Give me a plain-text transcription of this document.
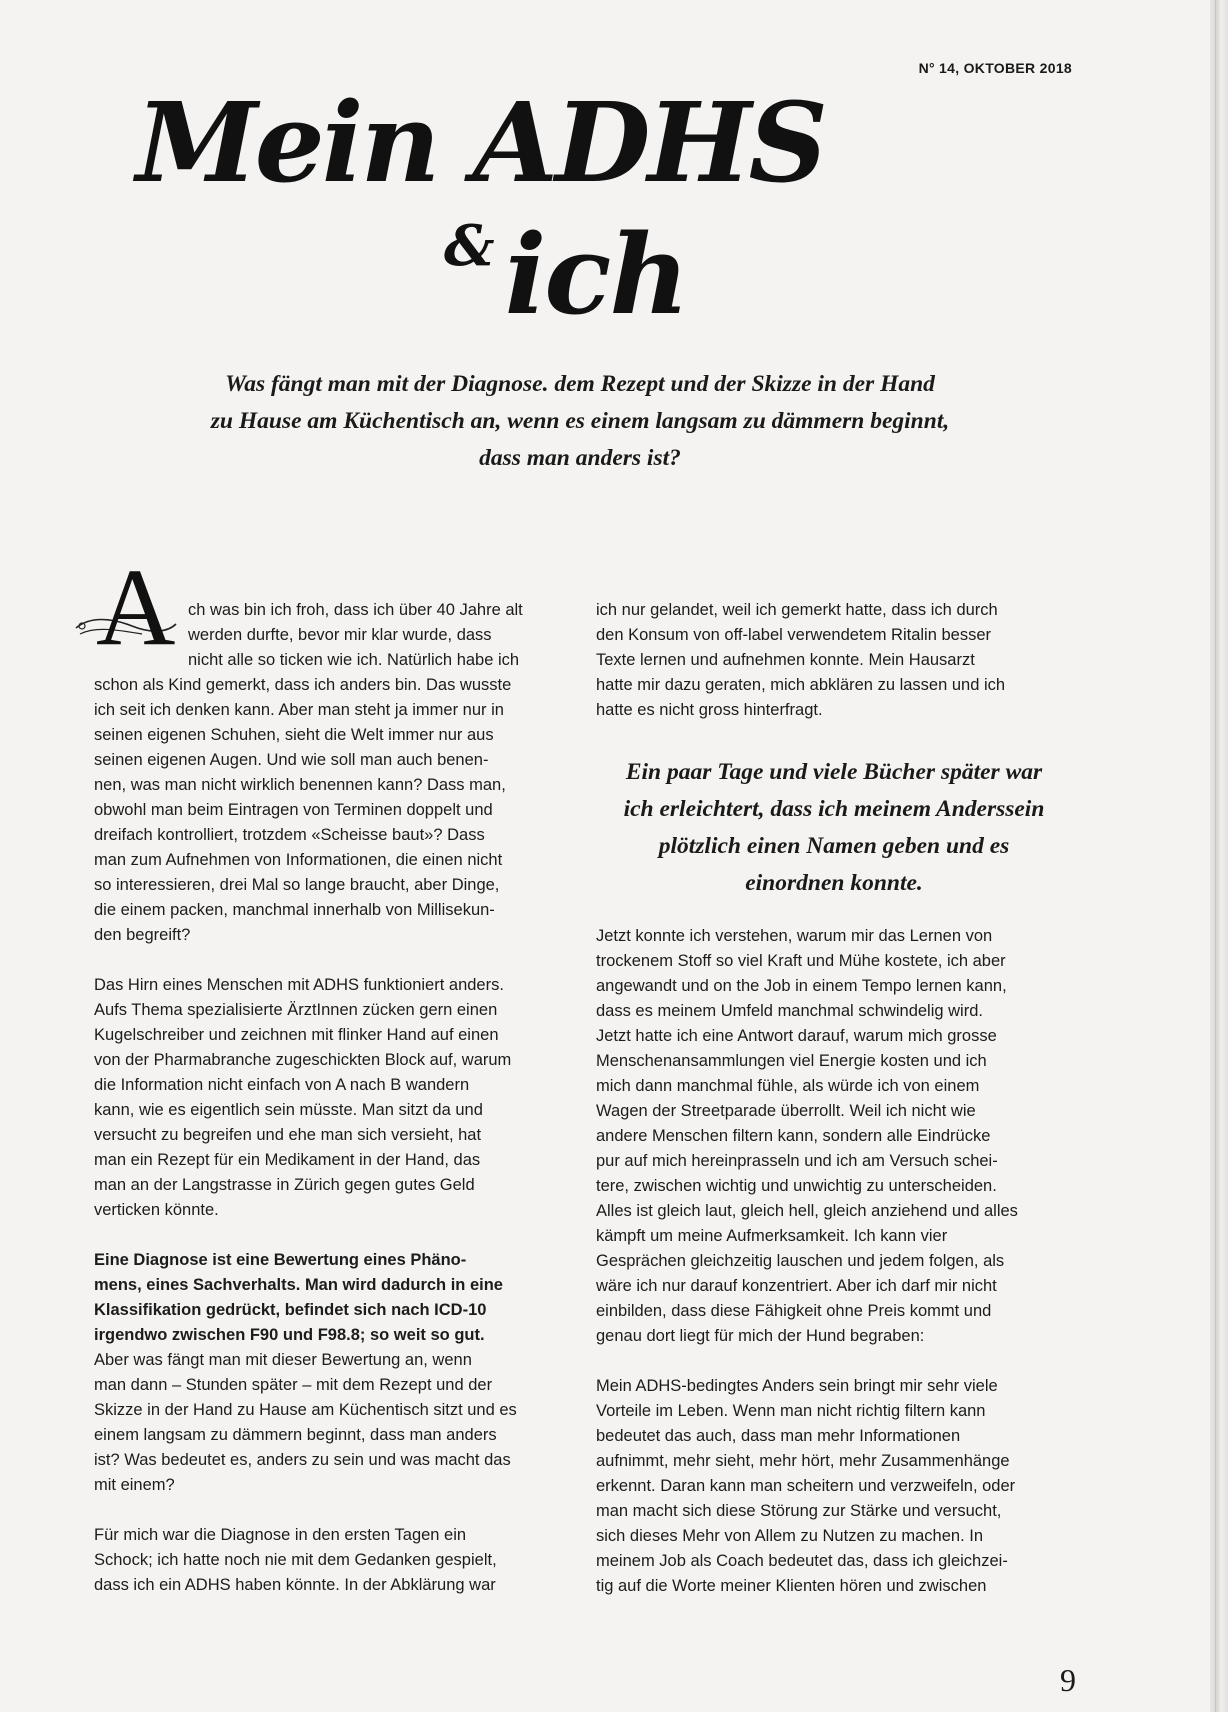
N° 14, OKTOBER 2018
Mein ADHS
&ich
Was fängt man mit der Diagnose. dem Rezept und der Skizze in der Hand
zu Hause am Küchentisch an, wenn es einem langsam zu dämmern beginnt,
dass man anders ist?
A ch was bin ich froh, dass ich über 40 Jahre alt
werden durfte, bevor mir klar wurde, dass
nicht alle so ticken wie ich. Natürlich habe ich
schon als Kind gemerkt, dass ich anders bin. Das wusste
ich seit ich denken kann. Aber man steht ja immer nur in
seinen eigenen Schuhen, sieht die Welt immer nur aus
seinen eigenen Augen. Und wie soll man auch benen-
nen, was man nicht wirklich benennen kann? Dass man,
obwohl man beim Eintragen von Terminen doppelt und
dreifach kontrolliert, trotzdem «Scheisse baut»? Dass
man zum Aufnehmen von Informationen, die einen nicht
so interessieren, drei Mal so lange braucht, aber Dinge,
die einem packen, manchmal innerhalb von Millisekun-
den begreift?
Das Hirn eines Menschen mit ADHS funktioniert anders.
Aufs Thema spezialisierte ÄrztInnen zücken gern einen
Kugelschreiber und zeichnen mit flinker Hand auf einen
von der Pharmabranche zugeschickten Block auf, warum
die Information nicht einfach von A nach B wandern
kann, wie es eigentlich sein müsste. Man sitzt da und
versucht zu begreifen und ehe man sich versieht, hat
man ein Rezept für ein Medikament in der Hand, das
man an der Langstrasse in Zürich gegen gutes Geld
verticken könnte.
Eine Diagnose ist eine Bewertung eines Phäno-
mens, eines Sachverhalts. Man wird dadurch in eine
Klassifikation gedrückt, befindet sich nach ICD-10
irgendwo zwischen F90 und F98.8; so weit so gut.
Aber was fängt man mit dieser Bewertung an, wenn
man dann – Stunden später – mit dem Rezept und der
Skizze in der Hand zu Hause am Küchentisch sitzt und es
einem langsam zu dämmern beginnt, dass man anders
ist? Was bedeutet es, anders zu sein und was macht das
mit einem?
Für mich war die Diagnose in den ersten Tagen ein
Schock; ich hatte noch nie mit dem Gedanken gespielt,
dass ich ein ADHS haben könnte. In der Abklärung war
ich nur gelandet, weil ich gemerkt hatte, dass ich durch
den Konsum von off-label verwendetem Ritalin besser
Texte lernen und aufnehmen konnte. Mein Hausarzt
hatte mir dazu geraten, mich abklären zu lassen und ich
hatte es nicht gross hinterfragt.
Ein paar Tage und viele Bücher später war
ich erleichtert, dass ich meinem Anderssein
plötzlich einen Namen geben und es
einordnen konnte.
Jetzt konnte ich verstehen, warum mir das Lernen von
trockenem Stoff so viel Kraft und Mühe kostete, ich aber
angewandt und on the Job in einem Tempo lernen kann,
dass es meinem Umfeld manchmal schwindelig wird.
Jetzt hatte ich eine Antwort darauf, warum mich grosse
Menschenansammlungen viel Energie kosten und ich
mich dann manchmal fühle, als würde ich von einem
Wagen der Streetparade überrollt. Weil ich nicht wie
andere Menschen filtern kann, sondern alle Eindrücke
pur auf mich hereinprasseln und ich am Versuch schei-
tere, zwischen wichtig und unwichtig zu unterscheiden.
Alles ist gleich laut, gleich hell, gleich anziehend und alles
kämpft um meine Aufmerksamkeit. Ich kann vier
Gesprächen gleichzeitig lauschen und jedem folgen, als
wäre ich nur darauf konzentriert. Aber ich darf mir nicht
einbilden, dass diese Fähigkeit ohne Preis kommt und
genau dort liegt für mich der Hund begraben:
Mein ADHS-bedingtes Anders sein bringt mir sehr viele
Vorteile im Leben. Wenn man nicht richtig filtern kann
bedeutet das auch, dass man mehr Informationen
aufnimmt, mehr sieht, mehr hört, mehr Zusammenhänge
erkennt. Daran kann man scheitern und verzweifeln, oder
man macht sich diese Störung zur Stärke und versucht,
sich dieses Mehr von Allem zu Nutzen zu machen. In
meinem Job als Coach bedeutet das, dass ich gleichzei-
tig auf die Worte meiner Klienten hören und zwischen
9
